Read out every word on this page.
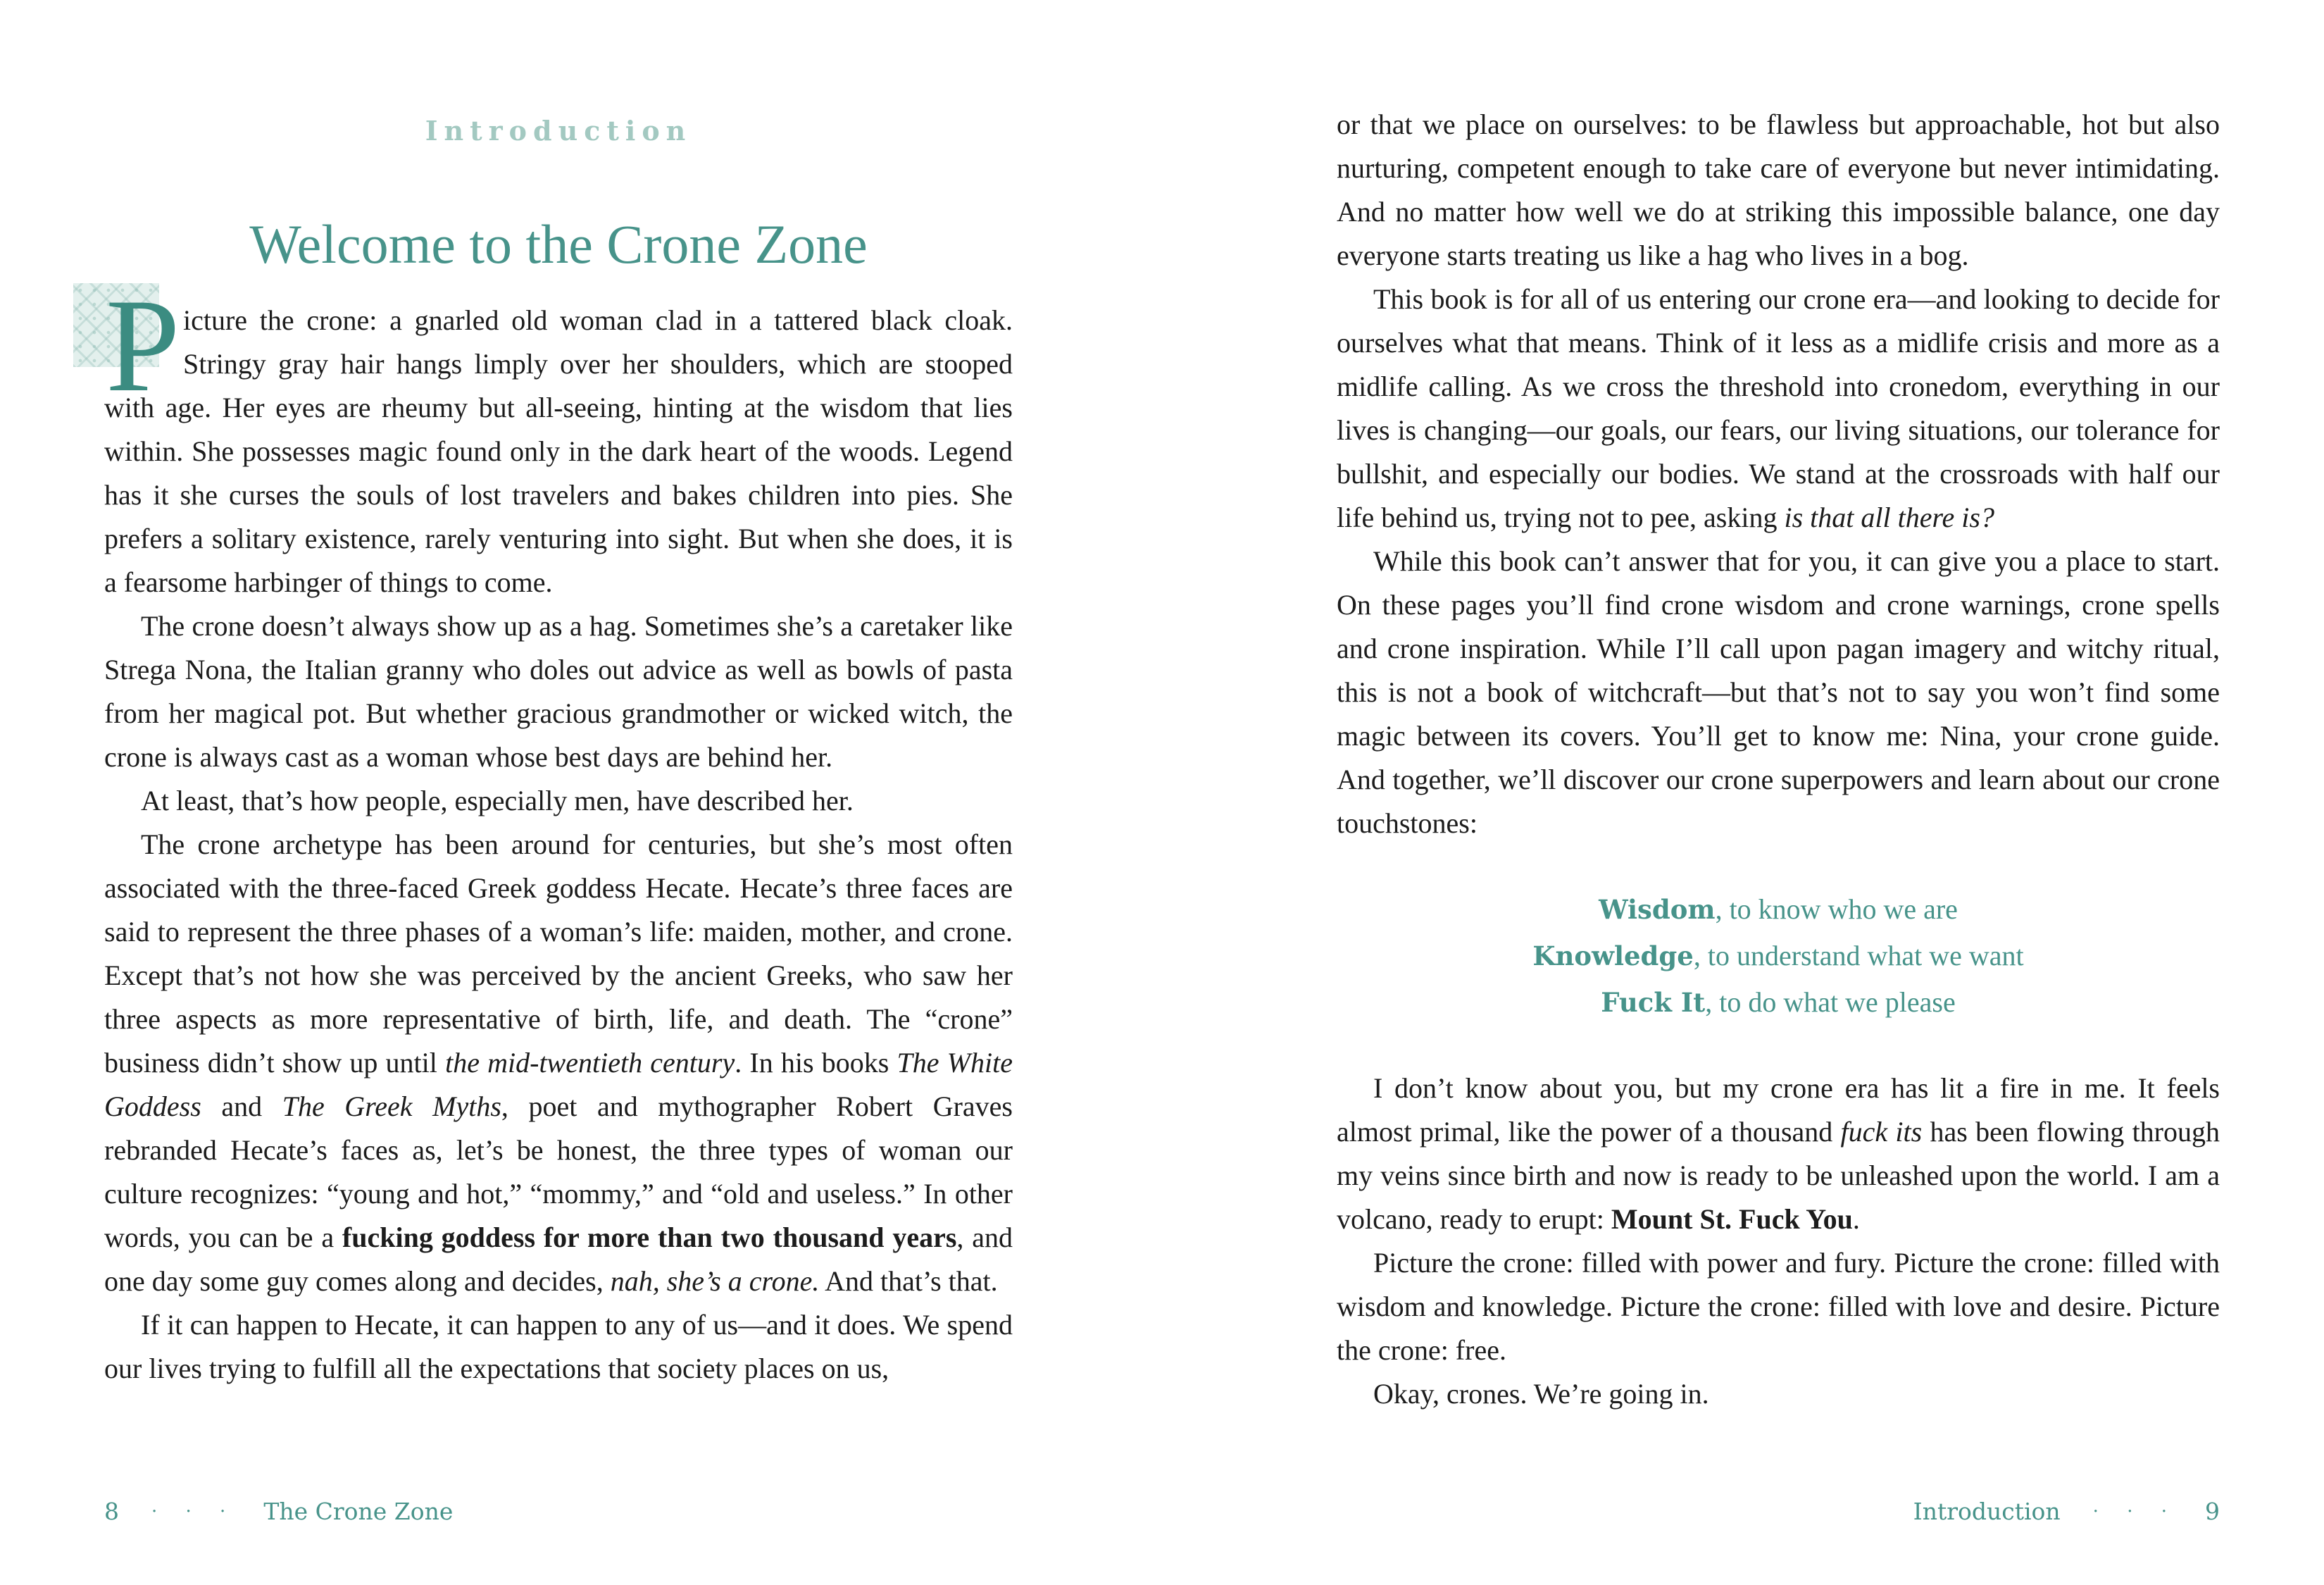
Introduction
Welcome to the Crone Zone

P icture the crone: a gnarled old woman clad in a tattered black cloak. Stringy gray hair hangs limply over her shoulders, which are stooped with age. Her eyes are rheumy but all-seeing, hinting at the wisdom that lies within. She possesses magic found only in the dark heart of the woods. Legend has it she curses the souls of lost travelers and bakes children into pies. She prefers a solitary existence, rarely venturing into sight. But when she does, it is a fearsome harbinger of things to come.

The crone doesn’t always show up as a hag. Sometimes she’s a caretaker like Strega Nona, the Italian granny who doles out advice as well as bowls of pasta from her magical pot. But whether gracious grandmother or wicked witch, the crone is always cast as a woman whose best days are behind her.

At least, that’s how people, especially men, have described her.

The crone archetype has been around for centuries, but she’s most often associated with the three-faced Greek goddess Hecate. Hecate’s three faces are said to represent the three phases of a woman’s life: maiden, mother, and crone. Except that’s not how she was perceived by the ancient Greeks, who saw her three aspects as more representative of birth, life, and death. The “crone” business didn’t show up until the mid-twentieth century. In his books The White Goddess and The Greek Myths, poet and mythographer Robert Graves rebranded Hecate’s faces as, let’s be honest, the three types of woman our culture recognizes: “young and hot,” “mommy,” and “old and useless.” In other words, you can be a fucking goddess for more than two thousand years, and one day some guy comes along and decides, nah, she’s a crone. And that’s that.

If it can happen to Hecate, it can happen to any of us—and it does. We spend our lives trying to fulfill all the expectations that society places on us,

8 · · · The Crone Zone

or that we place on ourselves: to be flawless but approachable, hot but also nurturing, competent enough to take care of everyone but never intimidating. And no matter how well we do at striking this impossible balance, one day everyone starts treating us like a hag who lives in a bog.

This book is for all of us entering our crone era—and looking to decide for ourselves what that means. Think of it less as a midlife crisis and more as a midlife calling. As we cross the threshold into cronedom, everything in our lives is changing—our goals, our fears, our living situations, our tolerance for bullshit, and especially our bodies. We stand at the crossroads with half our life behind us, trying not to pee, asking is that all there is?

While this book can’t answer that for you, it can give you a place to start. On these pages you’ll find crone wisdom and crone warnings, crone spells and crone inspiration. While I’ll call upon pagan imagery and witchy ritual, this is not a book of witchcraft—but that’s not to say you won’t find some magic between its covers. You’ll get to know me: Nina, your crone guide. And together, we’ll discover our crone superpowers and learn about our crone touchstones:

Wisdom, to know who we are
Knowledge, to understand what we want
Fuck It, to do what we please

I don’t know about you, but my crone era has lit a fire in me. It feels almost primal, like the power of a thousand fuck its has been flowing through my veins since birth and now is ready to be unleashed upon the world. I am a volcano, ready to erupt: Mount St. Fuck You.

Picture the crone: filled with power and fury. Picture the crone: filled with wisdom and knowledge. Picture the crone: filled with love and desire. Picture the crone: free.

Okay, crones. We’re going in.

Introduction · · · 9
